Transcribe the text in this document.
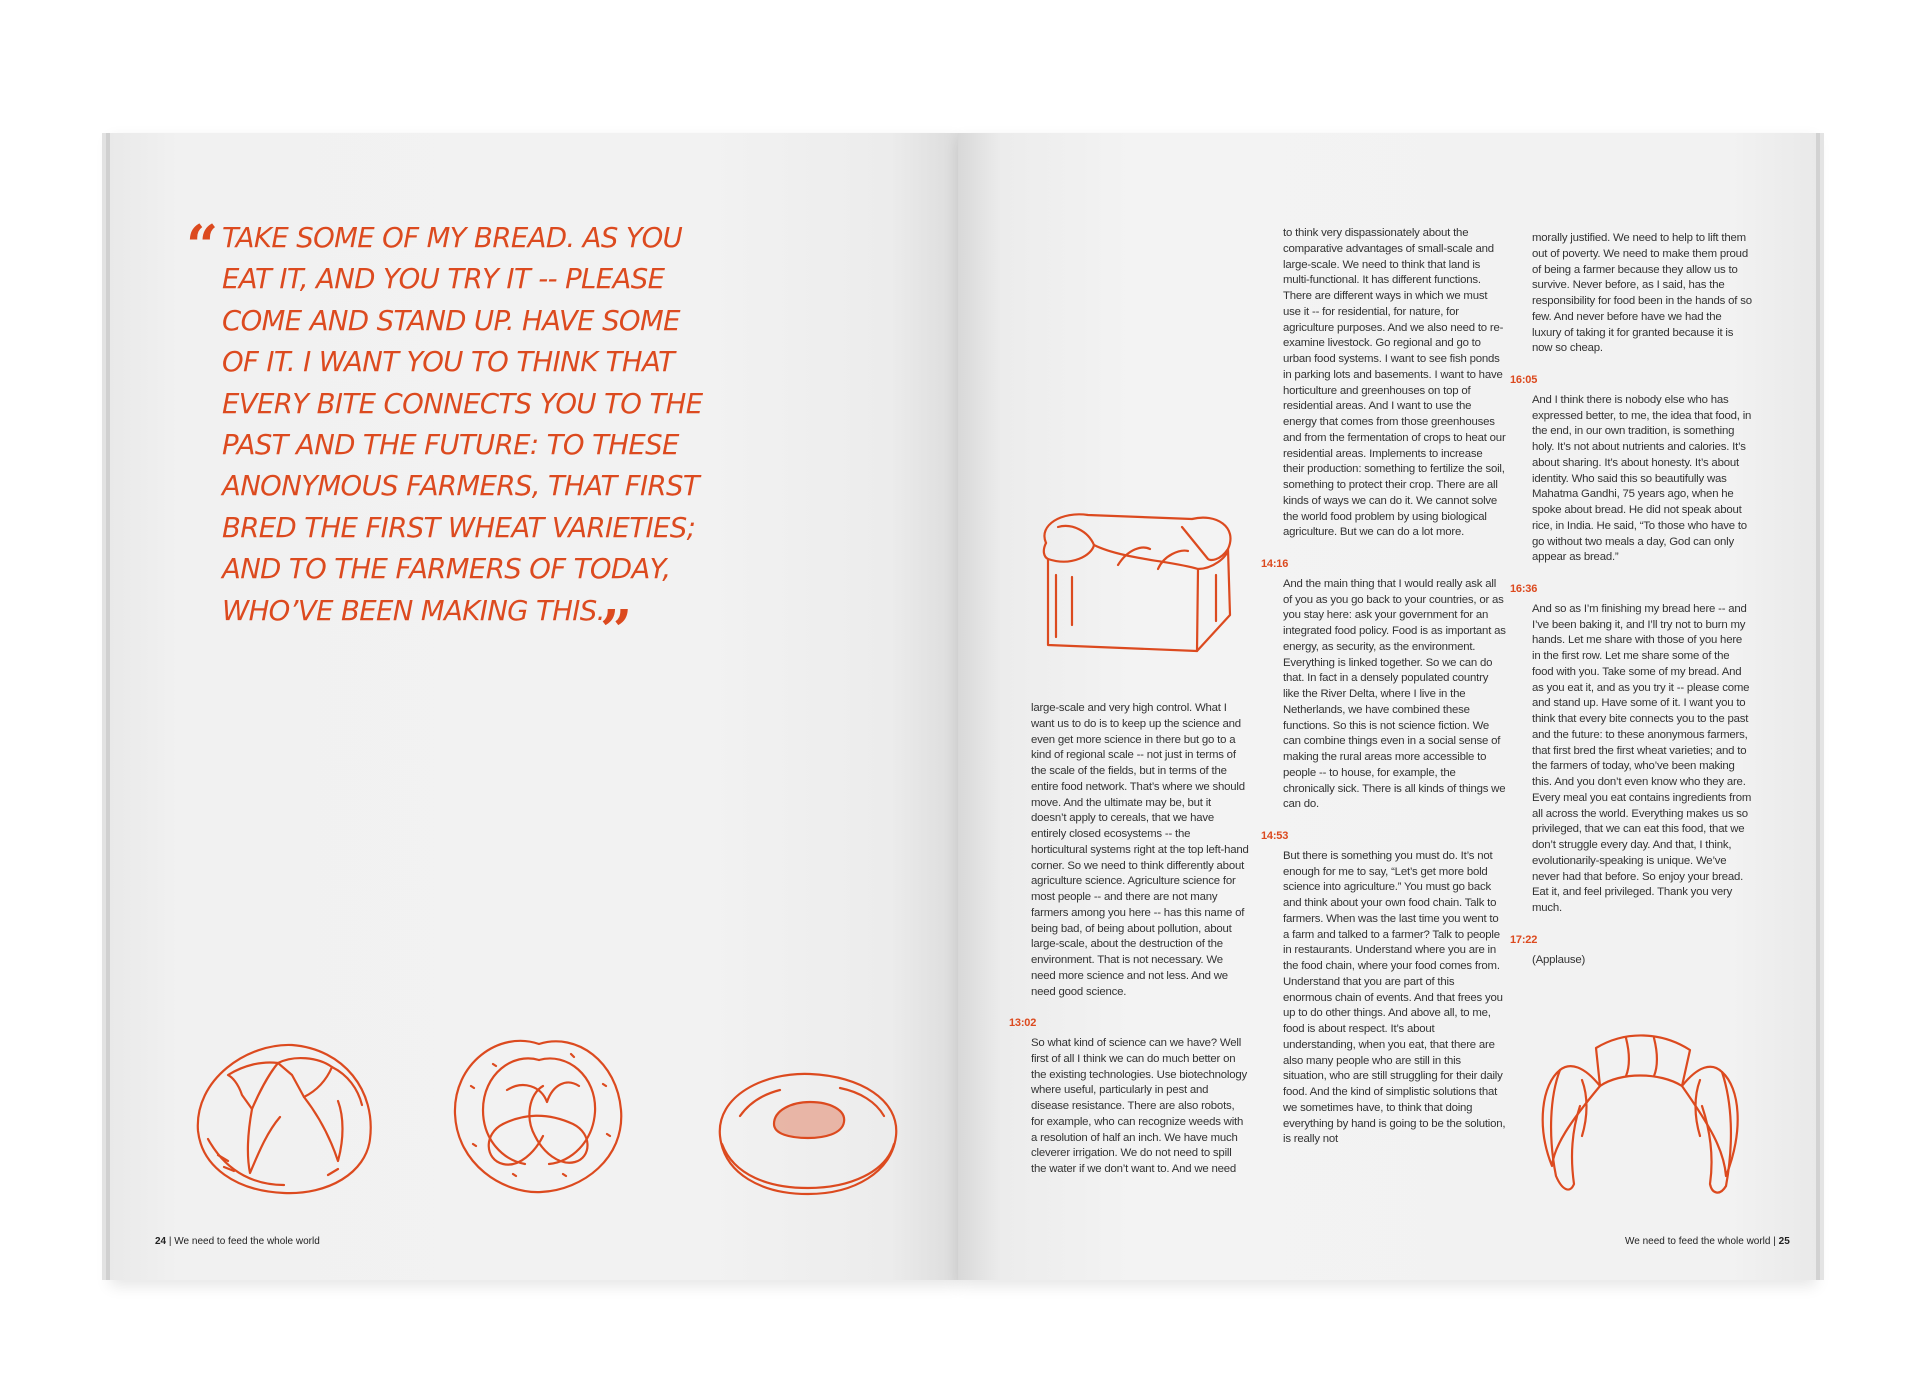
“ TAKE SOME OF MY BREAD. AS YOU EAT IT, AND YOU TRY IT -- PLEASE COME AND STAND UP. HAVE SOME OF IT. I WANT YOU TO THINK THAT EVERY BITE CONNECTS YOU TO THE PAST AND THE FUTURE: TO THESE ANONYMOUS FARMERS, THAT FIRST BRED THE FIRST WHEAT VARIETIES; AND TO THE FARMERS OF TODAY, WHO’VE BEEN MAKING THIS.
”

large-scale and very high control. What I want us to do is to keep up the science and even get more science in there but go to a kind of regional scale -- not just in terms of the scale of the fields, but in terms of the entire food network. That’s where we should move. And the ultimate may be, but it doesn’t apply to cereals, that we have entirely closed ecosystems -- the horticultural systems right at the top left-hand corner. So we need to think differently about agriculture science. Agriculture science for most people -- and there are not many farmers among you here -- has this name of being bad, of being about pollution, about large-scale, about the destruction of the environment. That is not necessary. We need more science and not less. And we need good science.

13:02

So what kind of science can we have? Well first of all I think we can do much better on the existing technologies. Use biotechnology where useful, particularly in pest and disease resistance. There are also robots, for example, who can recognize weeds with a resolution of half an inch. We have much cleverer irrigation. We do not need to spill the water if we don’t want to. And we need

to think very dispassionately about the comparative advantages of small-scale and large-scale. We need to think that land is multi-functional. It has different functions. There are different ways in which we must use it -- for residential, for nature, for agriculture purposes. And we also need to re-examine livestock. Go regional and go to urban food systems. I want to see fish ponds in parking lots and basements. I want to have horticulture and greenhouses on top of residential areas. And I want to use the energy that comes from those greenhouses and from the fermentation of crops to heat our residential areas. Implements to increase their production: something to fertilize the soil, something to protect their crop. There are all kinds of ways we can do it. We cannot solve the world food problem by using biological agriculture. But we can do a lot more.

14:16

And the main thing that I would really ask all of you as you go back to your countries, or as you stay here: ask your government for an integrated food policy. Food is as important as energy, as security, as the environment. Everything is linked together. So we can do that. In fact in a densely populated country like the River Delta, where I live in the Netherlands, we have combined these functions. So this is not science fiction. We can combine things even in a social sense of making the rural areas more accessible to people -- to house, for example, the chronically sick. There is all kinds of things we can do.

14:53

But there is something you must do. It’s not enough for me to say, “Let’s get more bold science into agriculture.” You must go back and think about your own food chain. Talk to farmers. When was the last time you went to a farm and talked to a farmer? Talk to people in restaurants. Understand where you are in the food chain, where your food comes from. Understand that you are part of this enormous chain of events. And that frees you up to do other things. And above all, to me, food is about respect. It’s about understanding, when you eat, that there are also many people who are still in this situation, who are still struggling for their daily food. And the kind of simplistic solutions that we sometimes have, to think that doing everything by hand is going to be the solution, is really not

morally justified. We need to help to lift them out of poverty. We need to make them proud of being a farmer because they allow us to survive. Never before, as I said, has the responsibility for food been in the hands of so few. And never before have we had the luxury of taking it for granted because it is now so cheap.

16:05

And I think there is nobody else who has expressed better, to me, the idea that food, in the end, in our own tradition, is something holy. It’s not about nutrients and calories. It’s about sharing. It’s about honesty. It’s about identity. Who said this so beautifully was Mahatma Gandhi, 75 years ago, when he spoke about bread. He did not speak about rice, in India. He said, “To those who have to go without two meals a day, God can only appear as bread.”

16:36

And so as I’m finishing my bread here -- and I’ve been baking it, and I’ll try not to burn my hands. Let me share with those of you here in the first row. Let me share some of the food with you. Take some of my bread. And as you eat it, and as you try it -- please come and stand up. Have some of it. I want you to think that every bite connects you to the past and the future: to these anonymous farmers, that first bred the first wheat varieties; and to the farmers of today, who’ve been making this. And you don’t even know who they are. Every meal you eat contains ingredients from all across the world. Everything makes us so privileged, that we can eat this food, that we don’t struggle every day. And that, I think, evolutionarily-speaking is unique. We’ve never had that before. So enjoy your bread. Eat it, and feel privileged. Thank you very much.

17:22

(Applause)

24 | We need to feed the whole world	We need to feed the whole world | 25
